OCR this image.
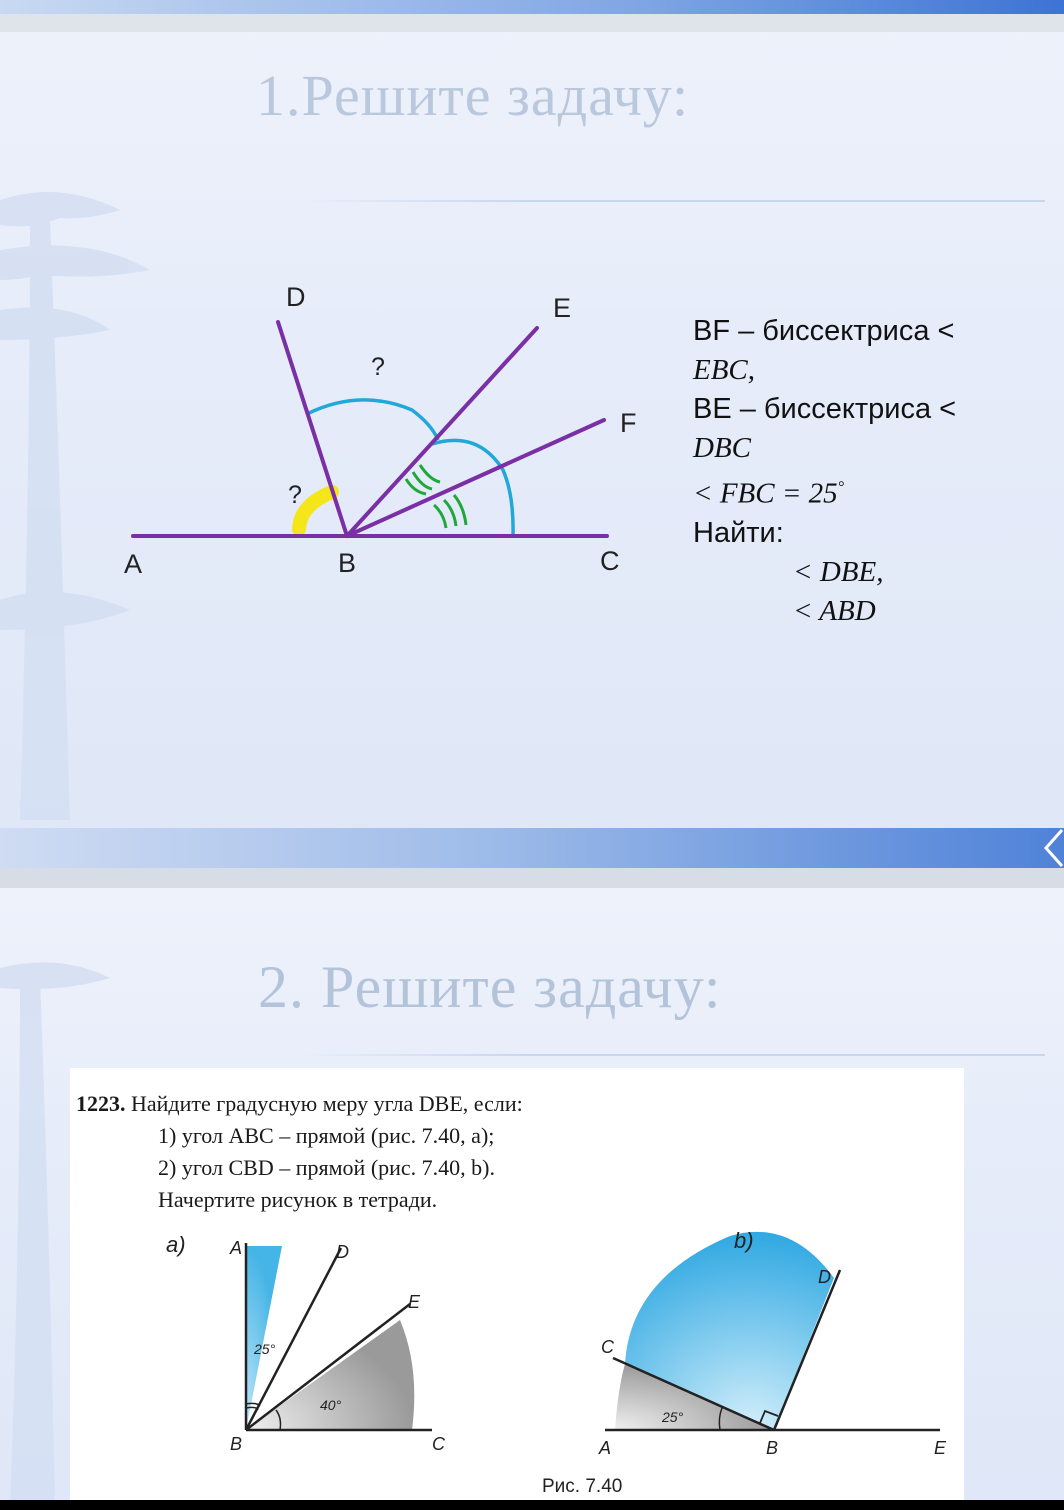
1.Решите задачу:
D	E
F
A	B	C
?
?
BF – биссектриса <
EBC,
BE – биссектриса <
DBC
< FBC = 25°
Найти:
< DBE,
< ABD
2. Решите задачу:
1223. Найдите градусную меру угла DBE, если:
1) угол ABC – прямой (рис. 7.40, a);
2) угол CBD – прямой (рис. 7.40, b).
Начертите рисунок в тетради.
a) A	D
E
B	C
25°
40°
b)
D
C
A	B	E
25°
Рис. 7.40
